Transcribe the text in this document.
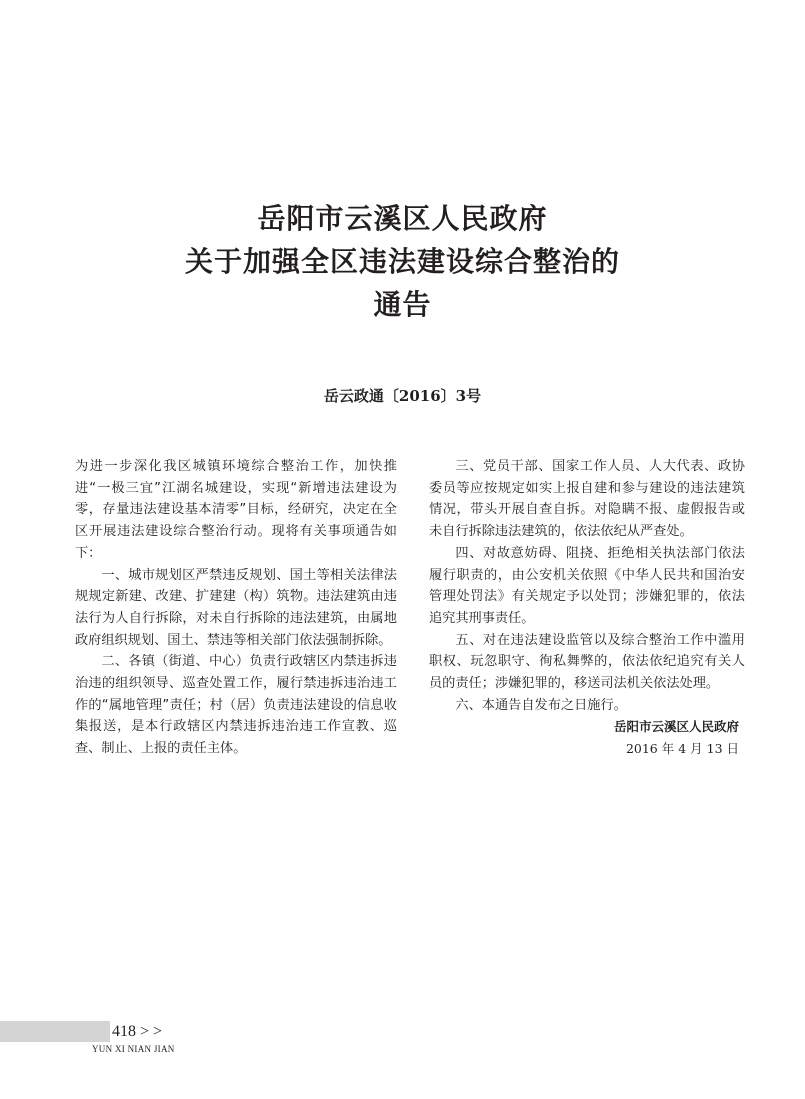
岳阳市云溪区人民政府
关于加强全区违法建设综合整治的
通告
岳云政通〔2016〕3号

为进一步深化我区城镇环境综合整治工作，加快推进“一极三宜”江湖名城建设，实现“新增违法建设为零，存量违法建设基本清零”目标，经研究，决定在全区开展违法建设综合整治行动。现将有关事项通告如下：

一、城市规划区严禁违反规划、国土等相关法律法规规定新建、改建、扩建建（构）筑物。违法建筑由违法行为人自行拆除，对未自行拆除的违法建筑，由属地政府组织规划、国土、禁违等相关部门依法强制拆除。

二、各镇（街道、中心）负责行政辖区内禁违拆违治违的组织领导、巡查处置工作，履行禁违拆违治违工作的“属地管理”责任；村（居）负责违法建设的信息收集报送，是本行政辖区内禁违拆违治违工作宣教、巡查、制止、上报的责任主体。

三、党员干部、国家工作人员、人大代表、政协委员等应按规定如实上报自建和参与建设的违法建筑情况，带头开展自查自拆。对隐瞒不报、虚假报告或未自行拆除违法建筑的，依法依纪从严查处。

四、对故意妨碍、阻挠、拒绝相关执法部门依法履行职责的，由公安机关依照《中华人民共和国治安管理处罚法》有关规定予以处罚；涉嫌犯罪的，依法追究其刑事责任。

五、对在违法建设监管以及综合整治工作中滥用职权、玩忽职守、徇私舞弊的，依法依纪追究有关人员的责任；涉嫌犯罪的，移送司法机关依法处理。

六、本通告自发布之日施行。

岳阳市云溪区人民政府

2016 年 4 月 13 日

418 > >
YUN XI NIAN JIAN
